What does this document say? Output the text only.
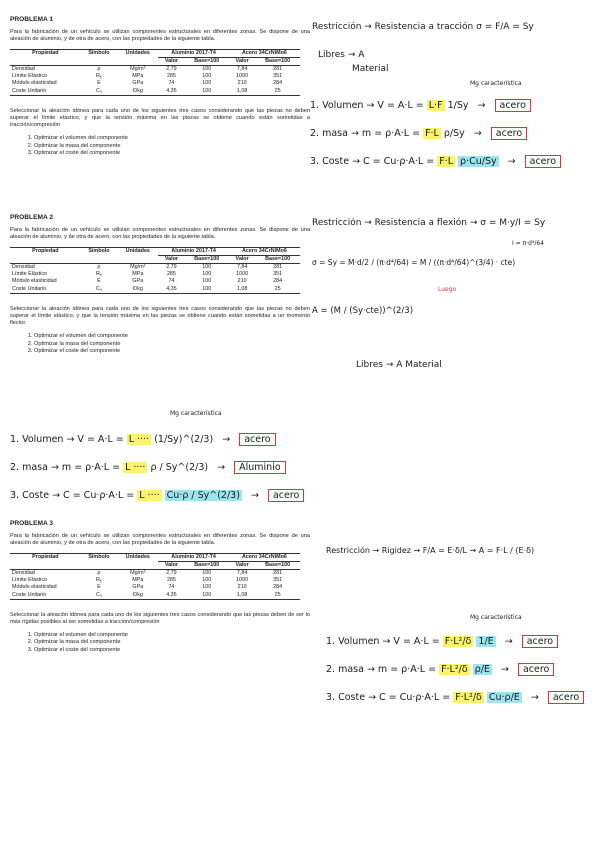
PROBLEMA 1
Para la fabricación de un vehículo se utilizan componentes estructurales en diferentes zonas. Se dispone de una aleación de aluminio, y de otra de acero, con las propiedades de la siguiente tabla.
Propiedad	Símbolo	Unidades	Aluminio 2017-T4		Acero 34CrNiMo6	
			Valor	Base=100	Valor	Base=100
Densidad	ρ	Mg/m³	2,79	100	7,84	281
Límite Elástico	Rₑ	MPa	285	100	1000	351
Módulo elasticidad	E	GPa	74	100	210	284
Coste Unitario	Cᵤ	€/kg	4,35	100	1,08	25
Seleccionar la aleación idónea para cada uno de los siguientes tres casos considerando que las piezas no deben superar el límite elástico, y que la tensión máxima en las piezas se obtiene cuando están sometidas a tracción/compresión
1. Optimizar el volumen del componente
2. Optimizar la masa del componente
3. Optimizar el coste del componente
PROBLEMA 2
Para la fabricación de un vehículo se utilizan componentes estructurales en diferentes zonas. Se dispone de una aleación de aluminio, y de otra de acero, con las propiedades de la siguiente tabla.
Propiedad	Símbolo	Unidades	Aluminio 2017-T4		Acero 34CrNiMo6	
			Valor	Base=100	Valor	Base=100
Densidad	ρ	Mg/m³	2,79	100	7,84	281
Límite Elástico	Rₑ	MPa	285	100	1000	351
Módulo elasticidad	E	GPa	74	100	210	284
Coste Unitario	Cᵤ	€/kg	4,35	100	1,08	25
Seleccionar la aleación idónea para cada uno de los siguientes tres casos considerando que las piezas no deben superar el límite elástico, y que la tensión máxima en las piezas se obtiene cuando están sometidas a un momento flector.
1. Optimizar el volumen del componente
2. Optimizar la masa del componente
3. Optimizar el coste del componente
PROBLEMA 3
Para la fabricación de un vehículo se utilizan componentes estructurales en diferentes zonas. Se dispone de una aleación de aluminio, y de otra de acero, con las propiedades de la siguiente tabla.
Propiedad	Símbolo	Unidades	Aluminio 2017-T4		Acero 34CrNiMo6	
			Valor	Base=100	Valor	Base=100
Densidad	ρ	Mg/m³	2,79	100	7,84	281
Límite Elástico	Rₑ	MPa	285	100	1000	351
Módulo elasticidad	E	GPa	74	100	210	284
Coste Unitario	Cᵤ	€/kg	4,35	100	1,08	25
Seleccionar la aleación idónea para cada uno de los siguientes tres casos considerando que las piezas deben de ser lo más rígidas posibles al ser sometidas a tracción/compresión
1. Optimizar el volumen del componente
2. Optimizar la masa del componente
3. Optimizar el coste del componente
Restricción → Resistencia a tracción σ = F/A = Sy
Libres → A
Material
Mg característica
1. Volumen → V = A·L = L·F 1/Sy → acero
2. masa → m = ρ·A·L = F·L ρ/Sy → acero
3. Coste → C = Cu·ρ·A·L = F·L ρ·Cu/Sy → acero
Restricción → Resistencia a flexión → σ = M·y/I = Sy
I = π·d⁴/64
σ = Sy = M·d/2 / (π·d⁴/64) = M / ((π·d⁴/64)^(3/4) · cte)
Luego
A = (M / (Sy·cte))^(2/3)
Libres → A Material
Mg característica
1. Volumen → V = A·L = L ···· (1/Sy)^(2/3) → acero
2. masa → m = ρ·A·L = L ···· ρ / Sy^(2/3) → Aluminio
3. Coste → C = Cu·ρ·A·L = L ···· Cu·ρ / Sy^(2/3) → acero
Restricción → Rigidez → F/A = E·δ/L → A = F·L / (E·δ)
Mg característica
1. Volumen → V = A·L = F·L²/δ 1/E → acero
2. masa → m = ρ·A·L = F·L²/δ ρ/E → acero
3. Coste → C = Cu·ρ·A·L = F·L²/δ Cu·ρ/E → acero
